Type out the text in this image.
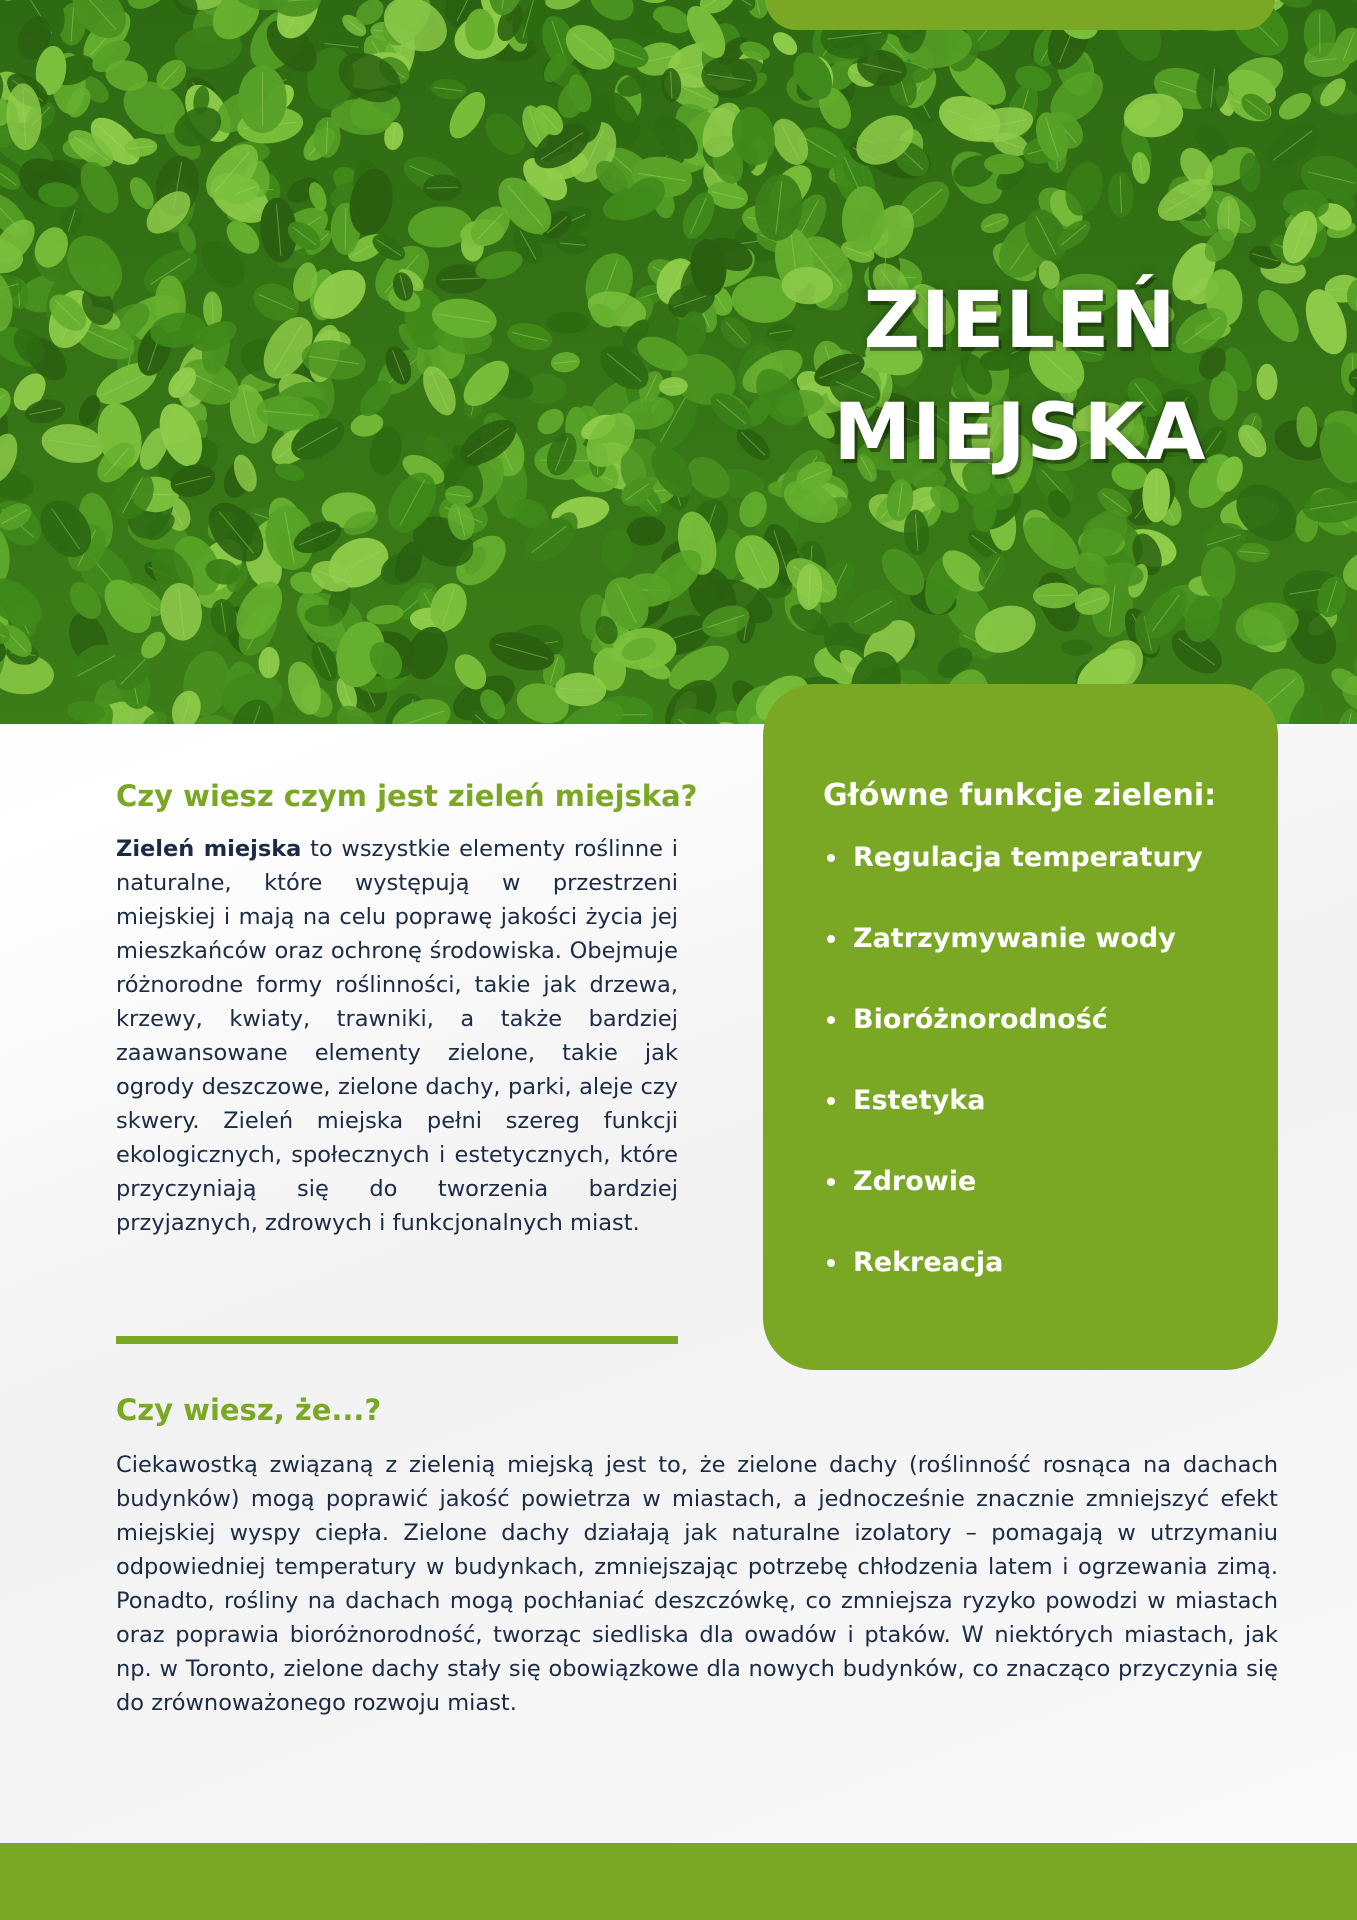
ZIELEŃ
MIEJSKA
Czy wiesz czym jest zieleń miejska?

Zieleń miejska to wszystkie elementy roślinne i naturalne, które występują w przestrzeni miejskiej i mają na celu poprawę jakości życia jej mieszkańców oraz ochronę środowiska. Obejmuje różnorodne formy roślinności, takie jak drzewa, krzewy, kwiaty, trawniki, a także bardziej zaawansowane elementy zielone, takie jak ogrody deszczowe, zielone dachy, parki, aleje czy skwery. Zieleń miejska pełni szereg funkcji ekologicznych, społecznych i estetycznych, które przyczyniają się do tworzenia bardziej przyjaznych, zdrowych i funkcjonalnych miast.

Główne funkcje zieleni:
Regulacja temperatury
Zatrzymywanie wody
Bioróżnorodność
Estetyka
Zdrowie
Rekreacja
Czy wiesz, że...?

Ciekawostką związaną z zielenią miejską jest to, że zielone dachy (roślinność rosnąca na dachach budynków) mogą poprawić jakość powietrza w miastach, a jednocześnie znacznie zmniejszyć efekt miejskiej wyspy ciepła. Zielone dachy działają jak naturalne izolatory – pomagają w utrzymaniu odpowiedniej temperatury w budynkach, zmniejszając potrzebę chłodzenia latem i ogrzewania zimą. Ponadto, rośliny na dachach mogą pochłaniać deszczówkę, co zmniejsza ryzyko powodzi w miastach oraz poprawia bioróżnorodność, tworząc siedliska dla owadów i ptaków. W niektórych miastach, jak np. w Toronto, zielone dachy stały się obowiązkowe dla nowych budynków, co znacząco przyczynia się do zrównoważonego rozwoju miast.
